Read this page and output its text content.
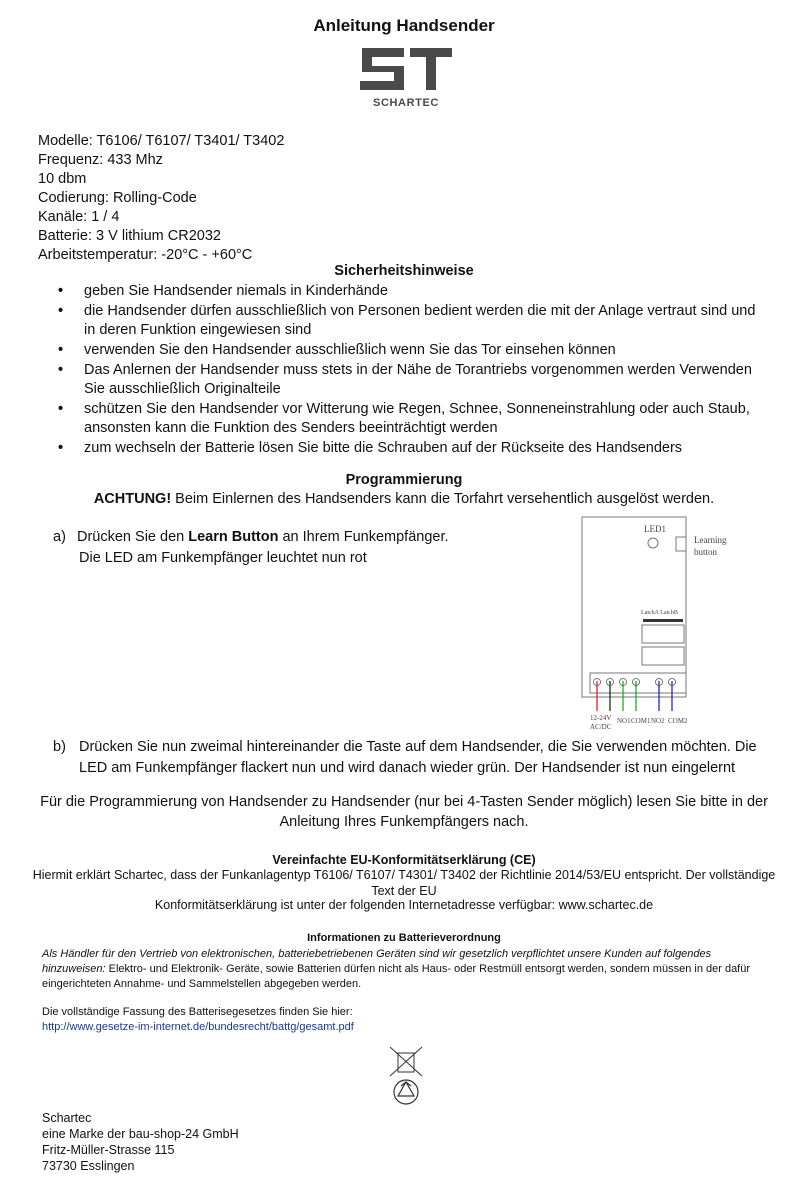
Anleitung Handsender
SCHARTEC
Modelle: T6106/ T6107/ T3401/ T3402
Frequenz: 433 Mhz
10 dbm
Codierung: Rolling-Code
Kanäle: 1 / 4
Batterie: 3 V lithium CR2032
Arbeitstemperatur: -20°C - +60°C
Sicherheitshinweise
• geben Sie Handsender niemals in Kinderhände
• die Handsender dürfen ausschließlich von Personen bedient werden die mit der Anlage vertraut sind und in deren Funktion eingewiesen sind
• verwenden Sie den Handsender ausschließlich wenn Sie das Tor einsehen können
• Das Anlernen der Handsender muss stets in der Nähe de Torantriebs vorgenommen werden Verwenden Sie ausschließlich Originalteile
• schützen Sie den Handsender vor Witterung wie Regen, Schnee, Sonneneinstrahlung oder auch Staub, ansonsten kann die Funktion des Senders beeinträchtigt werden
• zum wechseln der Batterie lösen Sie bitte die Schrauben auf der Rückseite des Handsenders
Programmierung
ACHTUNG! Beim Einlernen des Handsenders kann die Torfahrt versehentlich ausgelöst werden.
a) Drücken Sie den Learn Button an Ihrem Funkempfänger.
Die LED am Funkempfänger leuchtet nun rot
LED1
Learning
button
LatchA LatchB
12-24V NO1 COM1 NO2 COM2
AC/DC
b) Drücken Sie nun zweimal hintereinander die Taste auf dem Handsender, die Sie verwenden möchten. Die LED am Funkempfänger flackert nun und wird danach wieder grün. Der Handsender ist nun eingelernt
Für die Programmierung von Handsender zu Handsender (nur bei 4-Tasten Sender möglich) lesen Sie bitte in der Anleitung Ihres Funkempfängers nach.
Vereinfachte EU-Konformitätserklärung (CE)
Hiermit erklärt Schartec, dass der Funkanlagentyp T6106/ T6107/ T4301/ T3402 der Richtlinie 2014/53/EU entspricht. Der vollständige Text der EU
Konformitätserklärung ist unter der folgenden Internetadresse verfügbar: www.schartec.de
Informationen zu Batterieverordnung
Als Händler für den Vertrieb von elektronischen, batteriebetriebenen Geräten sind wir gesetzlich verpflichtet unsere Kunden auf folgendes hinzuweisen: Elektro- und Elektronik- Geräte, sowie Batterien dürfen nicht als Haus- oder Restmüll entsorgt werden, sondern müssen in der dafür eingerichteten Annahme- und Sammelstellen abgegeben werden.
Die vollständige Fassung des Batterisegesetzes finden Sie hier:
http://www.gesetze-im-internet.de/bundesrecht/battg/gesamt.pdf
Schartec
eine Marke der bau-shop-24 GmbH
Fritz-Müller-Strasse 115
73730 Esslingen
